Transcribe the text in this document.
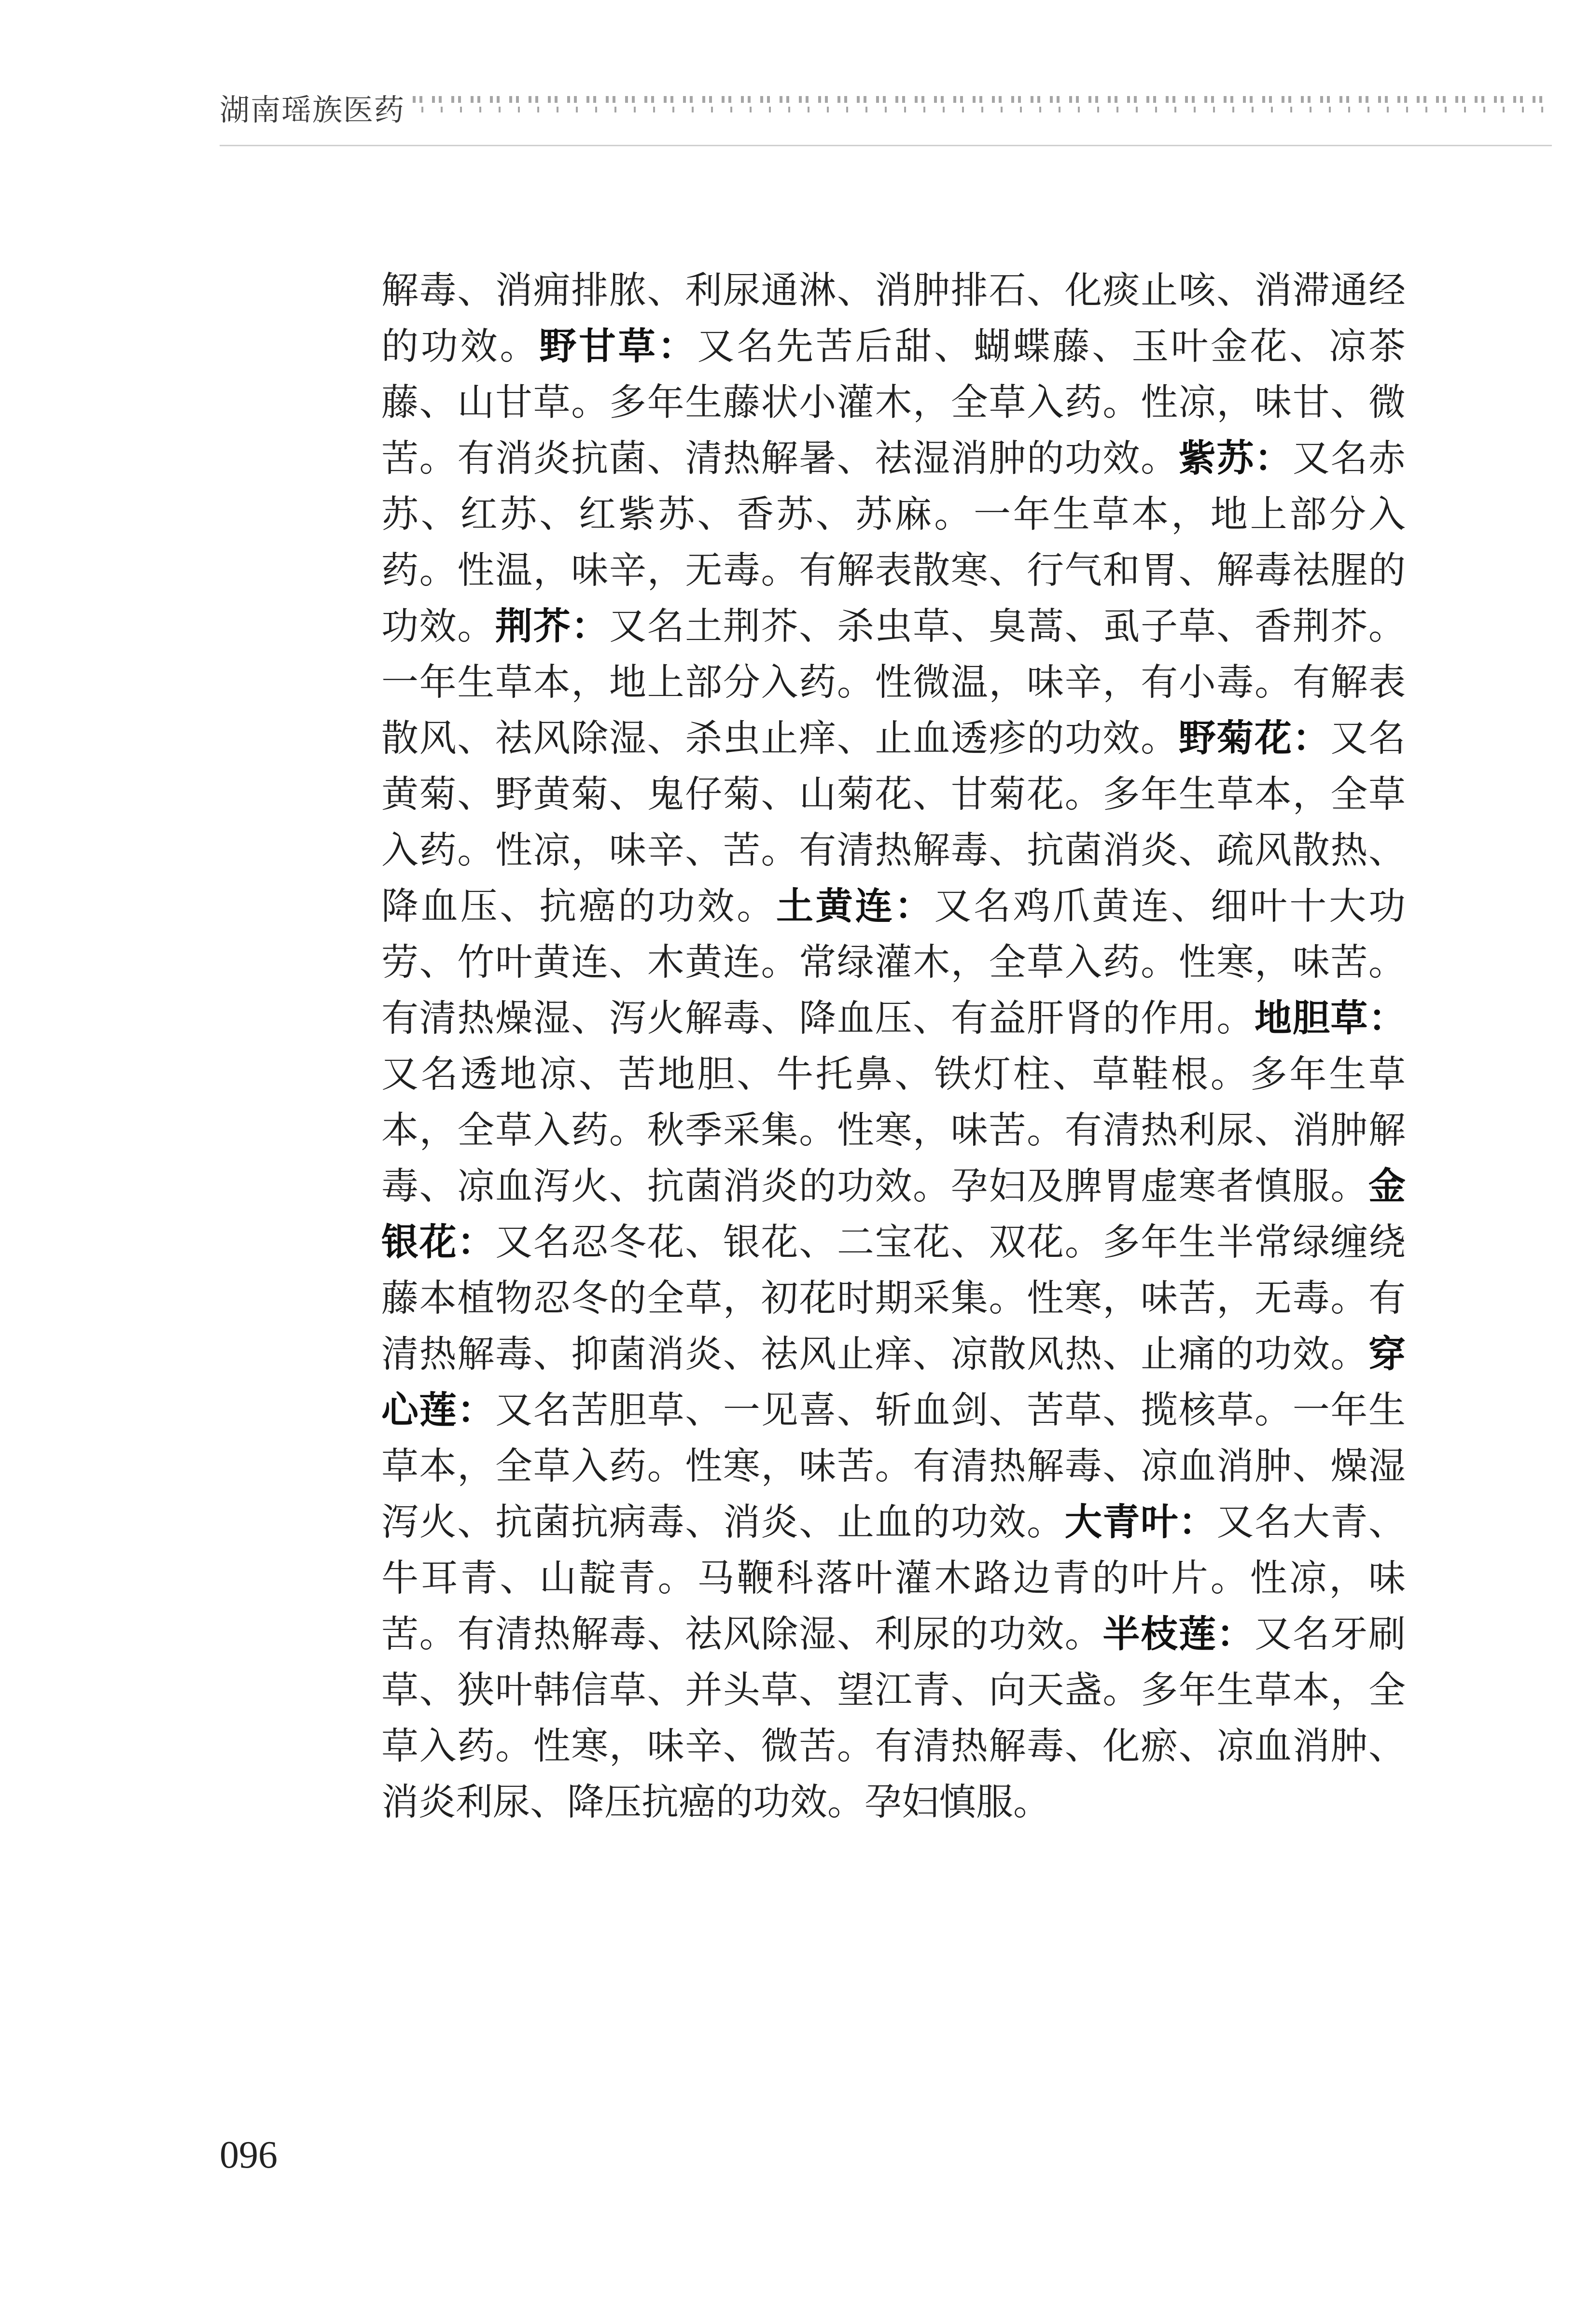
湖南瑶族医药

解毒、消痈排脓、利尿通淋、消肿排石、化痰止咳、消滞通经的功效。野甘草：又名先苦后甜、蝴蝶藤、玉叶金花、凉茶藤、山甘草。多年生藤状小灌木，全草入药。性凉，味甘、微苦。有消炎抗菌、清热解暑、祛湿消肿的功效。紫苏：又名赤苏、红苏、红紫苏、香苏、苏麻。一年生草本，地上部分入药。性温，味辛，无毒。有解表散寒、行气和胃、解毒祛腥的功效。荆芥：又名土荆芥、杀虫草、臭蒿、虱子草、香荆芥。一年生草本，地上部分入药。性微温，味辛，有小毒。有解表散风、祛风除湿、杀虫止痒、止血透疹的功效。野菊花：又名黄菊、野黄菊、鬼仔菊、山菊花、甘菊花。多年生草本，全草入药。性凉，味辛、苦。有清热解毒、抗菌消炎、疏风散热、降血压、抗癌的功效。土黄连：又名鸡爪黄连、细叶十大功劳、竹叶黄连、木黄连。常绿灌木，全草入药。性寒，味苦。有清热燥湿、泻火解毒、降血压、有益肝肾的作用。地胆草：又名透地凉、苦地胆、牛托鼻、铁灯柱、草鞋根。多年生草本，全草入药。秋季采集。性寒，味苦。有清热利尿、消肿解毒、凉血泻火、抗菌消炎的功效。孕妇及脾胃虚寒者慎服。金银花：又名忍冬花、银花、二宝花、双花。多年生半常绿缠绕藤本植物忍冬的全草，初花时期采集。性寒，味苦，无毒。有清热解毒、抑菌消炎、祛风止痒、凉散风热、止痛的功效。穿心莲：又名苦胆草、一见喜、斩血剑、苦草、揽核草。一年生草本，全草入药。性寒，味苦。有清热解毒、凉血消肿、燥湿泻火、抗菌抗病毒、消炎、止血的功效。大青叶：又名大青、牛耳青、山靛青。马鞭科落叶灌木路边青的叶片。性凉，味苦。有清热解毒、祛风除湿、利尿的功效。半枝莲：又名牙刷草、狭叶韩信草、并头草、望江青、向天盏。多年生草本，全草入药。性寒，味辛、微苦。有清热解毒、化瘀、凉血消肿、消炎利尿、降压抗癌的功效。孕妇慎服。

096
